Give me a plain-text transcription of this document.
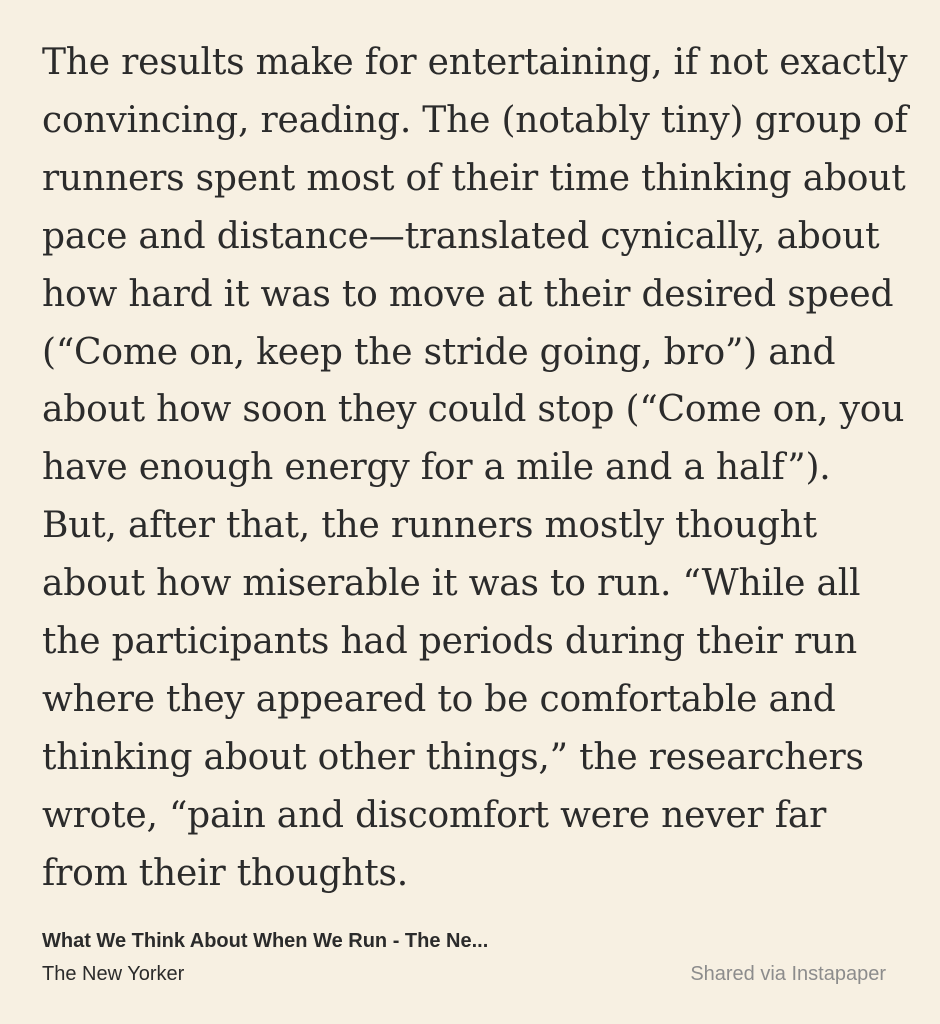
The results make for entertaining, if not exactly
convincing, reading. The (notably tiny) group of
runners spent most of their time thinking about
pace and distance—translated cynically, about
how hard it was to move at their desired speed
(“Come on, keep the stride going, bro”) and
about how soon they could stop (“Come on, you
have enough energy for a mile and a half”).
But, after that, the runners mostly thought
about how miserable it was to run. “While all
the participants had periods during their run
where they appeared to be comfortable and
thinking about other things,” the researchers
wrote, “pain and discomfort were never far
from their thoughts.
What We Think About When We Run - The Ne...
The New Yorker	Shared via Instapaper
